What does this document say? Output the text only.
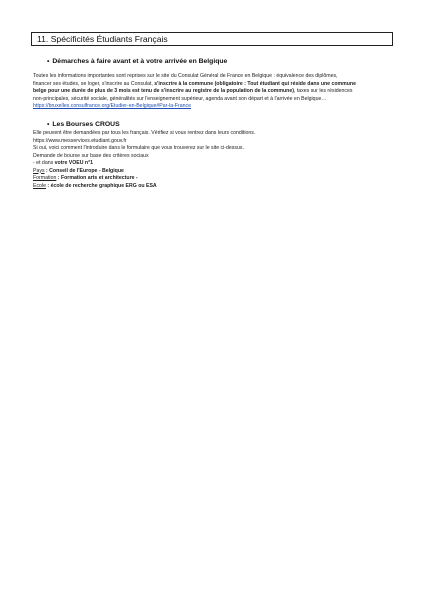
11. Spécificités Étudiants Français
• Démarches à faire avant et à votre arrivée en Belgique
Toutes les informations importantes sont reprises sur le site du Consulat Général de France en Belgique : équivalence des diplômes,
financer ses études, se loger, s'inscrire au Consulat, s'inscrire à la commune (obligatoire : Tout étudiant qui réside dans une commune
belge pour une durée de plus de 3 mois est tenu de s'inscrire au registre de la population de la commune), taxes sur les résidences
non-principales, sécurité sociale, généralités sur l'enseignement supérieur, agenda avant son départ et à l'arrivée en Belgique…
https://bruxelles.consulfrance.org/Etudier-en-Belgique#Par-la-France
• Les Bourses CROUS
Elle peuvent être demandées par tous les français. Vérifiez si vous rentrez dans leurs conditions.
https://www.messervices.etudiant.gouv.fr
Si oui, voici comment l'introduire dans le formulaire que vous trouverez sur le site ci-dessus.
Demande de bourse sur base des critères sociaux
- et dans votre VOEU n°1
Pays : Conseil de l'Europe - Belgique
Formation : Formation arts et architecture -
Ecole : école de recherche graphique ERG ou ESA
